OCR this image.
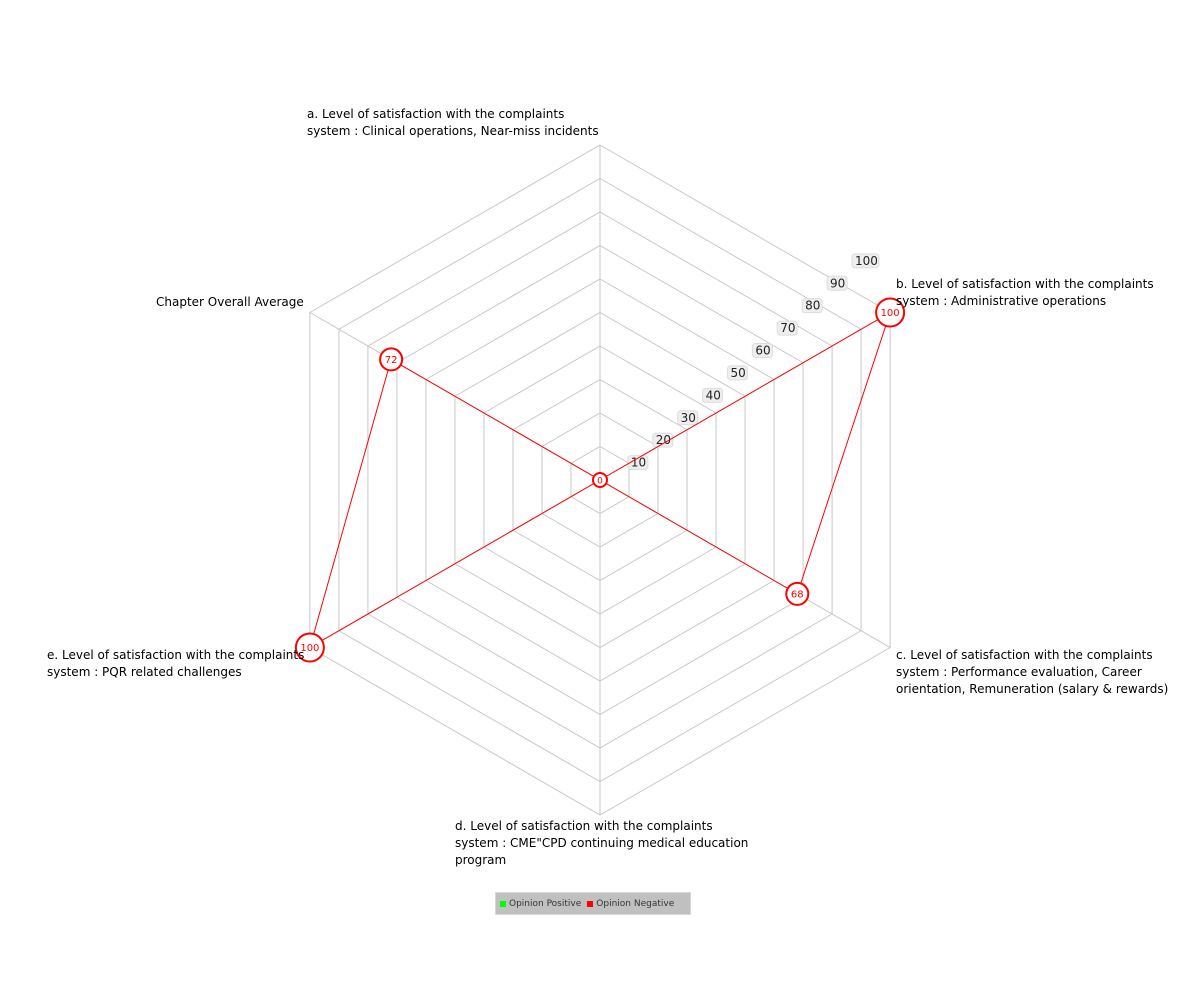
10
20
30
40
50
60
70
80
90
100
0
100
68
100
72
a. Level of satisfaction with the complaints system : Clinical operations, Near-miss incidents
b. Level of satisfaction with the complaints system : Administrative operations
c. Level of satisfaction with the complaints system : Performance evaluation, Career orientation, Remuneration (salary & rewards)
d. Level of satisfaction with the complaints system : CME"CPD continuing medical education program
e. Level of satisfaction with the complaints system : PQR related challenges
Chapter Overall Average
Opinion Positive Opinion Negative
